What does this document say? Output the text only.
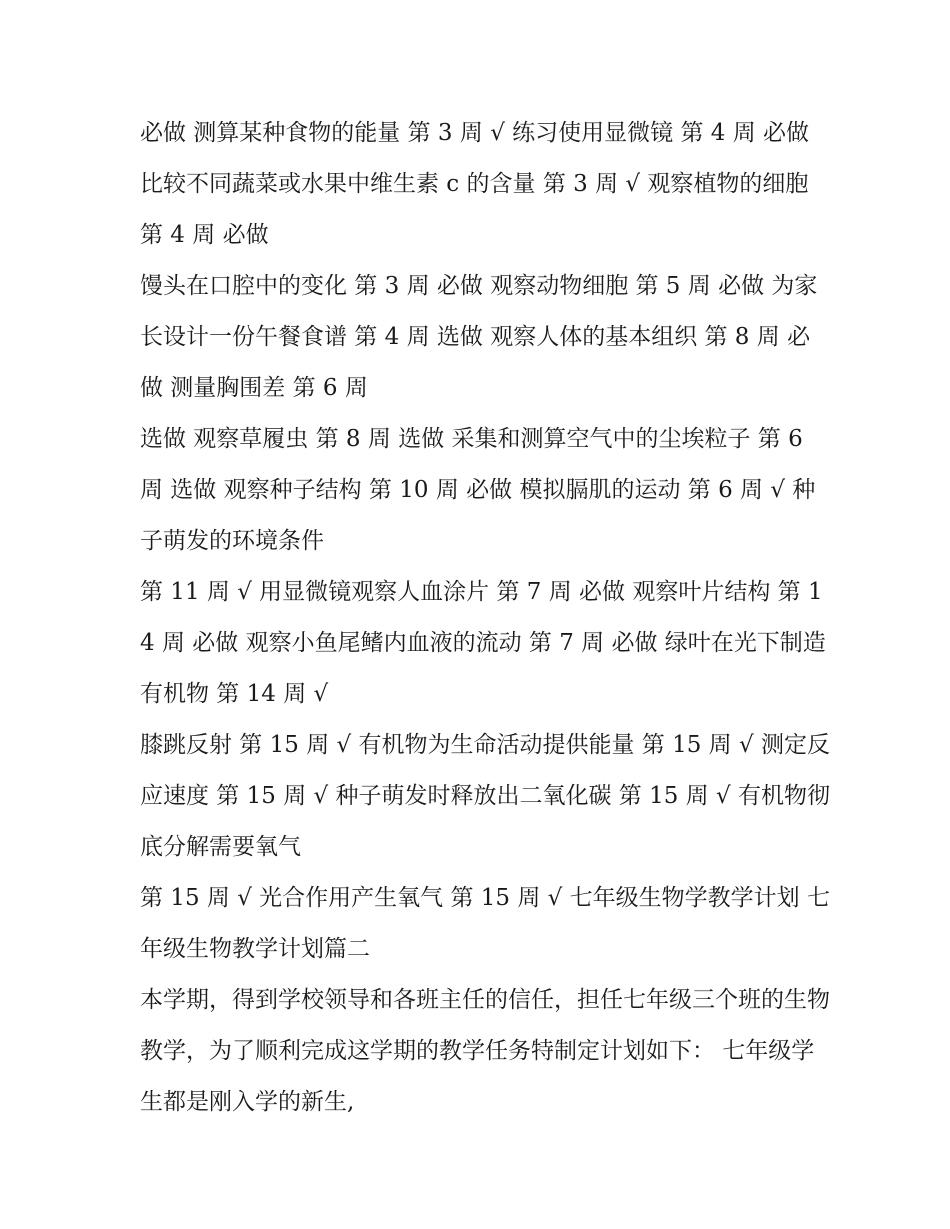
必做 测算某种食物的能量 第 3 周 √ 练习使用显微镜 第 4 周 必做 比较不同蔬菜或水果中维生素 c 的含量 第 3 周 √ 观察植物的细胞 第 4 周 必做

馒头在口腔中的变化 第 3 周 必做 观察动物细胞 第 5 周 必做 为家长设计一份午餐食谱 第 4 周 选做 观察人体的基本组织 第 8 周 必做 测量胸围差 第 6 周

选做 观察草履虫 第 8 周 选做 采集和测算空气中的尘埃粒子 第 6 周 选做 观察种子结构 第 10 周 必做 模拟膈肌的运动 第 6 周 √ 种子萌发的环境条件

第 11 周 √ 用显微镜观察人血涂片 第 7 周 必做 观察叶片结构 第 14 周 必做 观察小鱼尾鳍内血液的流动 第 7 周 必做 绿叶在光下制造有机物 第 14 周 √

膝跳反射 第 15 周 √ 有机物为生命活动提供能量 第 15 周 √ 测定反应速度 第 15 周 √ 种子萌发时释放出二氧化碳 第 15 周 √ 有机物彻底分解需要氧气

第 15 周 √ 光合作用产生氧气 第 15 周 √ 七年级生物学教学计划 七年级生物教学计划篇二

本学期，得到学校领导和各班主任的信任，担任七年级三个班的生物教学，为了顺利完成这学期的教学任务特制定计划如下： 七年级学生都是刚入学的新生,
